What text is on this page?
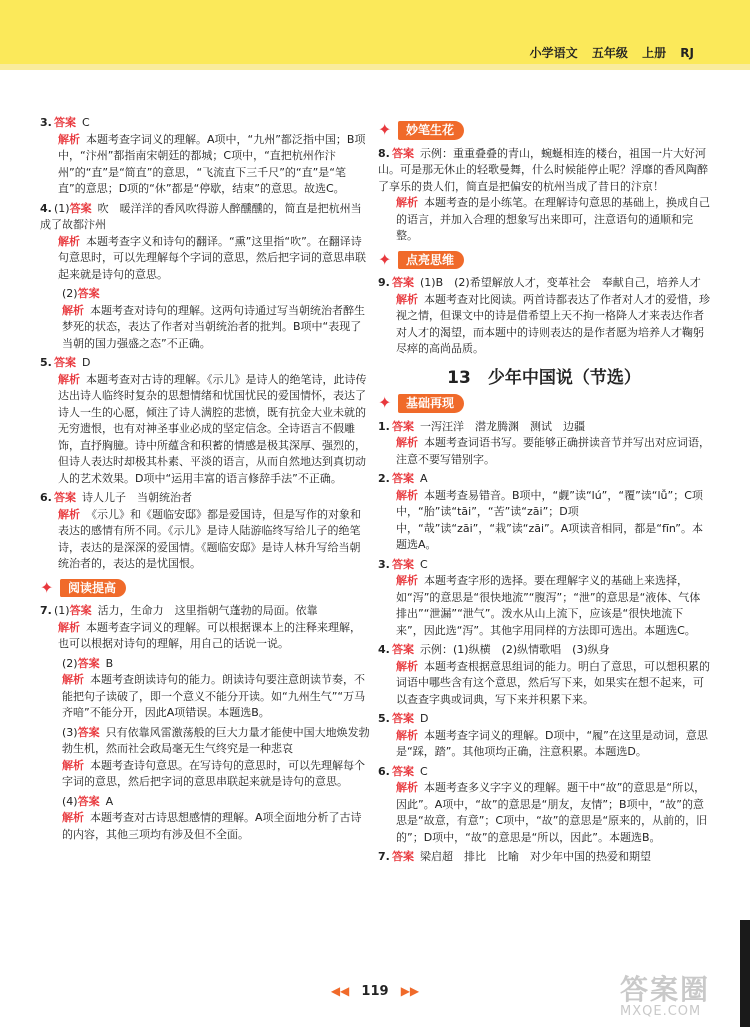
小学语文 五年级 上册 RJ
3. 答案 C
解析 本题考查字词义的理解。A项中，“九州”都泛指中国；B项中，“汴州”都指南宋朝廷的都城；C项中，“直把杭州作汴州”的“直”是“简直”的意思，“飞流直下三千尺”的“直”是“笔直”的意思；D项的“休”都是“停歇，结束”的意思。故选C。
4. (1)答案 吹　暖洋洋的香风吹得游人醉醺醺的，简直是把杭州当成了故都汴州
解析 本题考查字义和诗句的翻译。“熏”这里指“吹”。在翻译诗句意思时，可以先理解每个字词的意思，然后把字词的意思串联起来就是诗句的意思。
(2)答案
解析 本题考查对诗句的理解。这两句诗通过写当朝统治者醉生梦死的状态，表达了作者对当朝统治者的批判。B项中“表现了当朝的国力强盛之态”不正确。
5. 答案 D
解析 本题考查对古诗的理解。《示儿》是诗人的绝笔诗，此诗传达出诗人临终时复杂的思想情绪和忧国忧民的爱国情怀，表达了诗人一生的心愿，倾注了诗人满腔的悲愤，既有抗金大业未就的无穷遗恨，也有对神圣事业必成的坚定信念。全诗语言不假雕饰，直抒胸臆。诗中所蕴含和积蓄的情感是极其深厚、强烈的，但诗人表达时却极其朴素、平淡的语言，从而自然地达到真切动人的艺术效果。D项中“运用丰富的语言修辞手法”不正确。
6. 答案 诗人儿子　当朝统治者
解析 《示儿》和《题临安邸》都是爱国诗，但是写作的对象和表达的感情有所不同。《示儿》是诗人陆游临终写给儿子的绝笔诗，表达的是深深的爱国情。《题临安邸》是诗人林升写给当朝统治者的，表达的是忧国恨。
✦	阅读提高
7. (1)答案 活力，生命力　这里指朝气蓬勃的局面。依靠
解析 本题考查字词义的理解。可以根据课本上的注释来理解，也可以根据对诗句的理解，用自己的话说一说。
(2)答案 B
解析 本题考查朗读诗句的能力。朗读诗句要注意朗读节奏，不能把句子读破了，即一个意义不能分开读。如“九州生气”“万马齐喑”不能分开，因此A项错误。本题选B。
(3)答案 只有依靠风雷激荡般的巨大力量才能使中国大地焕发勃勃生机，然而社会政局毫无生气终究是一种悲哀
解析 本题考查诗句意思。在写诗句的意思时，可以先理解每个字词的意思，然后把字词的意思串联起来就是诗句的意思。
(4)答案 A
解析 本题考查对古诗思想感情的理解。A项全面地分析了古诗的内容，其他三项均有涉及但不全面。
✦	妙笔生花
8. 答案 示例：重重叠叠的青山，蜿蜒相连的楼台，祖国一片大好河山。可是那无休止的轻歌曼舞，什么时候能停止呢？浮靡的香风陶醉了享乐的贵人们，简直是把偏安的杭州当成了昔日的汴京！
解析 本题考查的是小练笔。在理解诗句意思的基础上，换成自己的语言，并加入合理的想象写出来即可，注意语句的通顺和完整。
✦	点亮思维
9. 答案 (1)B　(2)希望解放人才，变革社会　奉献自己，培养人才
解析 本题考查对比阅读。两首诗都表达了作者对人才的爱惜，珍视之情，但课文中的诗是借希望上天不拘一格降人才来表达作者对人才的渴望，而本题中的诗则表达的是作者愿为培养人才鞠躬尽瘁的高尚品质。
13　少年中国说（节选）
✦	基础再现
1. 答案 一泻汪洋　潜龙腾渊　测试　边疆
解析 本题考查词语书写。要能够正确拼读音节并写出对应词语，注意不要写错别字。
2. 答案 A
解析 本题考查易错音。B项中，“觑”读“lú”，“覆”读“lǚ”；C项中，“胎”读“tāi”，“苦”读“zāi”；D项中，“哉”读“zāi”，“栽”读“zāi”。A项读音相同，都是“fīn”。本题选A。
3. 答案 C
解析 本题考查字形的选择。要在理解字义的基础上来选择，如“泻”的意思是“很快地流”“腹泻”；“泄”的意思是“液体、气体排出”“泄漏”“泄气”。泼水从山上流下，应该是“很快地流下来”，因此选“泻”。其他字用同样的方法即可选出。本题选C。
4. 答案 示例：(1)纵横　(2)纵情歌唱　(3)纵身
解析 本题考查根据意思组词的能力。明白了意思，可以想积累的词语中哪些含有这个意思，然后写下来，如果实在想不起来，可以查查字典或词典，写下来并积累下来。
5. 答案 D
解析 本题考查字词义的理解。D项中，“履”在这里是动词，意思是“踩，踏”。其他项均正确，注意积累。本题选D。
6. 答案 C
解析 本题考查多义字字义的理解。题干中“故”的意思是“所以，因此”。A项中，“故”的意思是“朋友，友情”；B项中，“故”的意思是“故意，有意”；C项中，“故”的意思是“原来的，从前的，旧的”；D项中，“故”的意思是“所以，因此”。本题选B。
7. 答案 梁启超　排比　比喻　对少年中国的热爱和期望
◀◀ 119 ▶▶	答案圈
MXQE.COM
